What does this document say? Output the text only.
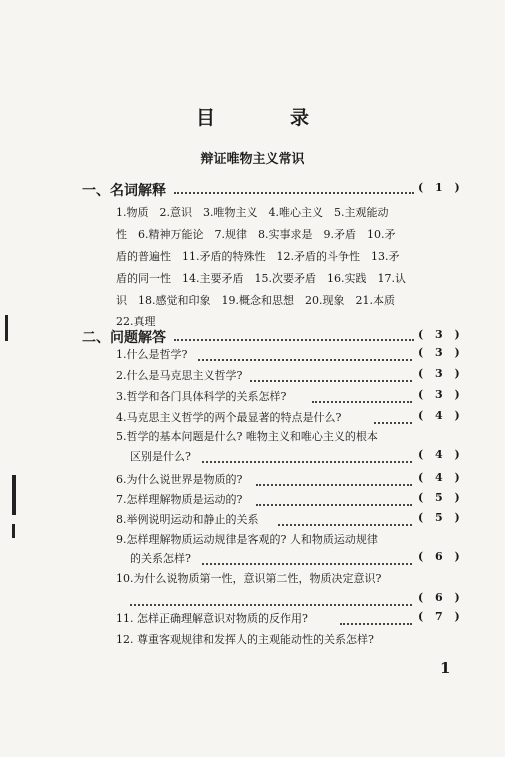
目　录
辩证唯物主义常识
一、名词解释	( 1 )
1.物质　2.意识　3.唯物主义　4.唯心主义　5.主观能动
性　6.精神万能论　7.规律　8.实事求是　9.矛盾　10.矛
盾的普遍性　11.矛盾的特殊性　12.矛盾的斗争性　13.矛
盾的同一性　14.主要矛盾　15.次要矛盾　16.实践　17.认
识　18.感觉和印象　19.概念和思想　20.现象　21.本质
22.真理
二、问题解答	( 3 )
1.什么是哲学?	( 3 )
2.什么是马克思主义哲学?	( 3 )
3.哲学和各门具体科学的关系怎样?	( 3 )
4.马克思主义哲学的两个最显著的特点是什么?	( 4 )
5.哲学的基本问题是什么? 唯物主义和唯心主义的根本
区别是什么?	( 4 )
6.为什么说世界是物质的?	( 4 )
7.怎样理解物质是运动的?	( 5 )
8.举例说明运动和静止的关系	( 5 )
9.怎样理解物质运动规律是客观的? 人和物质运动规律
的关系怎样?	( 6 )
10.为什么说物质第一性，意识第二性，物质决定意识?
( 6 )
11. 怎样正确理解意识对物质的反作用?	( 7 )
12. 尊重客观规律和发挥人的主观能动性的关系怎样?
1
